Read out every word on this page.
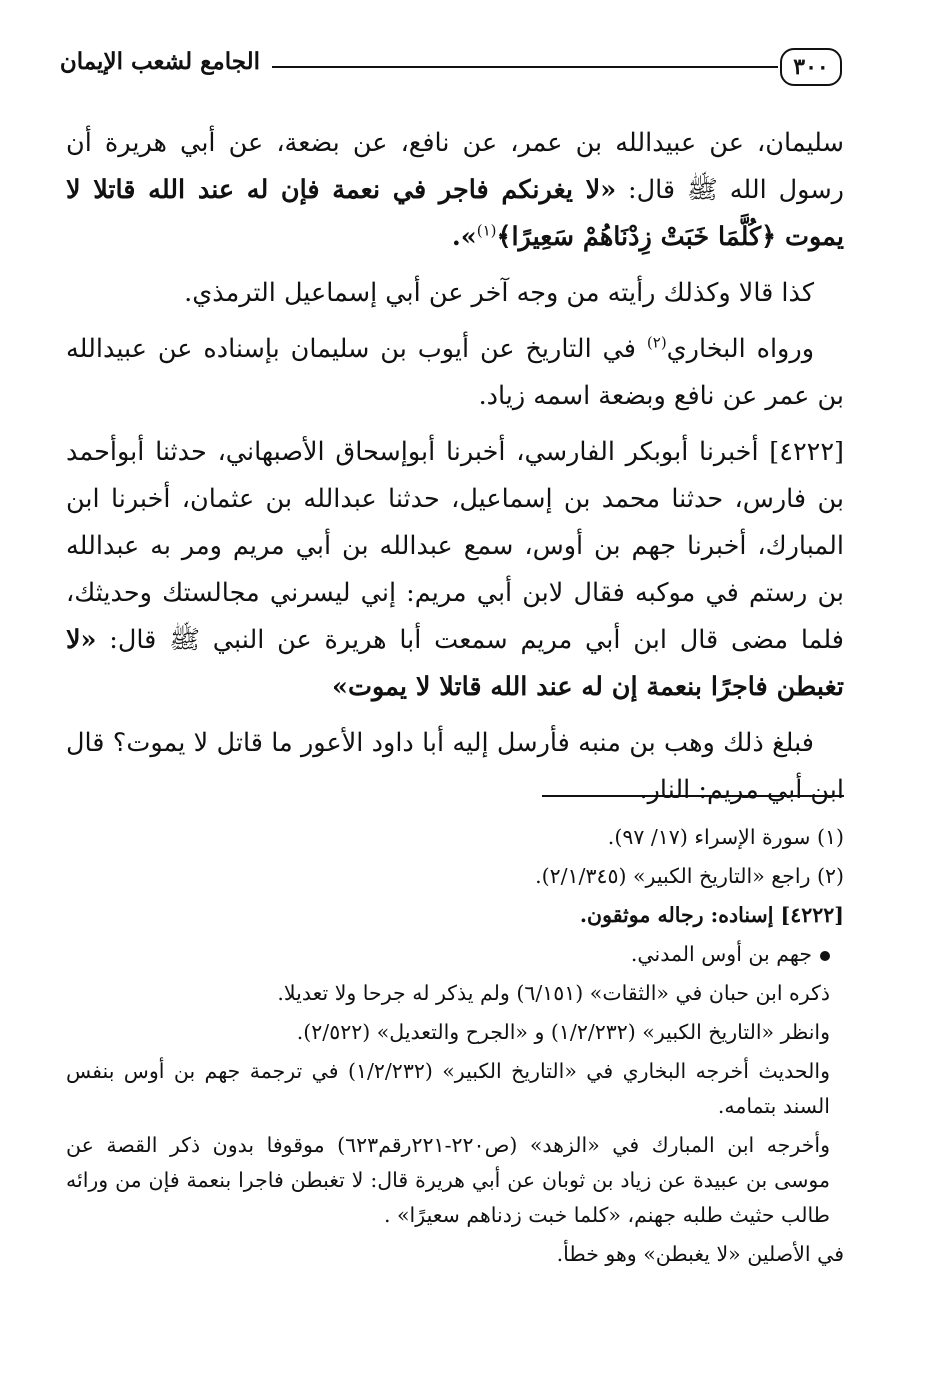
٣٠٠
الجامع لشعب الإيمان

سليمان، عن عبيدالله بن عمر، عن نافع، عن بضعة، عن أبي هريرة أن رسول الله ﷺ قال: «لا يغرنكم فاجر في نعمة فإن له عند الله قاتلا لا يموت ﴿كُلَّمَا خَبَتْ زِدْنَاهُمْ سَعِيرًا﴾$^{(١)}$».

كذا قالا وكذلك رأيته من وجه آخر عن أبي إسماعيل الترمذي.

ورواه البخاري$^{(٢)}$ في التاريخ عن أيوب بن سليمان بإسناده عن عبيدالله بن عمر عن نافع وبضعة اسمه زياد.

[٤٢٢٢] أخبرنا أبوبكر الفارسي، أخبرنا أبوإسحاق الأصبهاني، حدثنا أبوأحمد بن فارس، حدثنا محمد بن إسماعيل، حدثنا عبدالله بن عثمان، أخبرنا ابن المبارك، أخبرنا جهم بن أوس، سمع عبدالله بن أبي مريم ومر به عبدالله بن رستم في موكبه فقال لابن أبي مريم: إني ليسرني مجالستك وحديثك، فلما مضى قال ابن أبي مريم سمعت أبا هريرة عن النبي ﷺ قال: «لا تغبطن فاجرًا بنعمة إن له عند الله قاتلا لا يموت»

فبلغ ذلك وهب بن منبه فأرسل إليه أبا داود الأعور ما قاتل لا يموت؟ قال ابن أبي مريم: النار.

(١) سورة الإسراء (١٧/ ٩٧).

(٢) راجع «التاريخ الكبير» (٢/١/٣٤٥).

[٤٢٢٢] إسناده: رجاله موثقون.

جهم بن أوس المدني.

ذكره ابن حبان في «الثقات» (٦/١٥١) ولم يذكر له جرحا ولا تعديلا.

وانظر «التاريخ الكبير» (١/٢/٢٣٢) و «الجرح والتعديل» (٢/٥٢٢).

والحديث أخرجه البخاري في «التاريخ الكبير» (١/٢/٢٣٢) في ترجمة جهم بن أوس بنفس السند بتمامه.

وأخرجه ابن المبارك في «الزهد» (ص٢٢٠-٢٢١رقم٦٢٣) موقوفا بدون ذكر القصة عن موسى بن عبيدة عن زياد بن ثوبان عن أبي هريرة قال: لا تغبطن فاجرا بنعمة فإن من ورائه طالب حثيث طلبه جهنم، «كلما خبت زدناهم سعيرًا» .

في الأصلين «لا يغبطن» وهو خطأ.
